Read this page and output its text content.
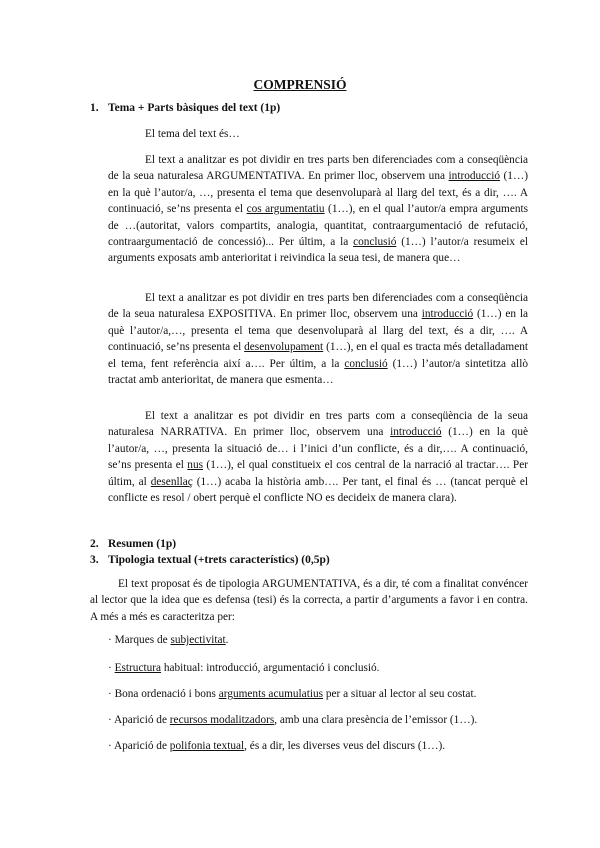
COMPRENSIÓ
1. Tema + Parts bàsiques del text (1p)
El tema del text és…

El text a analitzar es pot dividir en tres parts ben diferenciades com a conseqüència de la seua naturalesa ARGUMENTATIVA. En primer lloc, observem una introducció (1…) en la què l’autor/a, …, presenta el tema que desenvoluparà al llarg del text, és a dir, …. A continuació, se’ns presenta el cos argumentatiu (1…), en el qual l’autor/a empra arguments de …(autoritat, valors compartits, analogia, quantitat, contraargumentació de refutació, contraargumentació de concessió)... Per últim, a la conclusió (1…) l’autor/a resumeix el arguments exposats amb anterioritat i reivindica la seua tesi, de manera que…

El text a analitzar es pot dividir en tres parts ben diferenciades com a conseqüència de la seua naturalesa EXPOSITIVA. En primer lloc, observem una introducció (1…) en la què l’autor/a,…, presenta el tema que desenvoluparà al llarg del text, és a dir, …. A continuació, se’ns presenta el desenvolupament (1…), en el qual es tracta més detalladament el tema, fent referència així a…. Per últim, a la conclusió (1…) l’autor/a sintetitza allò tractat amb anterioritat, de manera que esmenta…

El text a analitzar es pot dividir en tres parts com a conseqüència de la seua naturalesa NARRATIVA. En primer lloc, observem una introducció (1…) en la què l’autor/a, …, presenta la situació de… i l’inici d’un conflicte, és a dir,…. A continuació, se’ns presenta el nus (1…), el qual constitueix el cos central de la narració al tractar…. Per últim, al desenllaç (1…) acaba la història amb…. Per tant, el final és … (tancat perquè el conflicte es resol / obert perquè el conflicte NO es decideix de manera clara).

2. Resumen (1p)
3. Tipologia textual (+trets característics) (0,5p)

El text proposat és de tipologia ARGUMENTATIVA, és a dir, té com a finalitat convéncer al lector que la idea que es defensa (tesi) és la correcta, a partir d’arguments a favor i en contra. A més a més es caracteritza per:

· Marques de subjectivitat.
· Estructura habitual: introducció, argumentació i conclusió.
· Bona ordenació i bons arguments acumulatius per a situar al lector al seu costat.
· Aparició de recursos modalitzadors, amb una clara presència de l’emissor (1…).
· Aparició de polifonia textual, és a dir, les diverses veus del discurs (1…).
